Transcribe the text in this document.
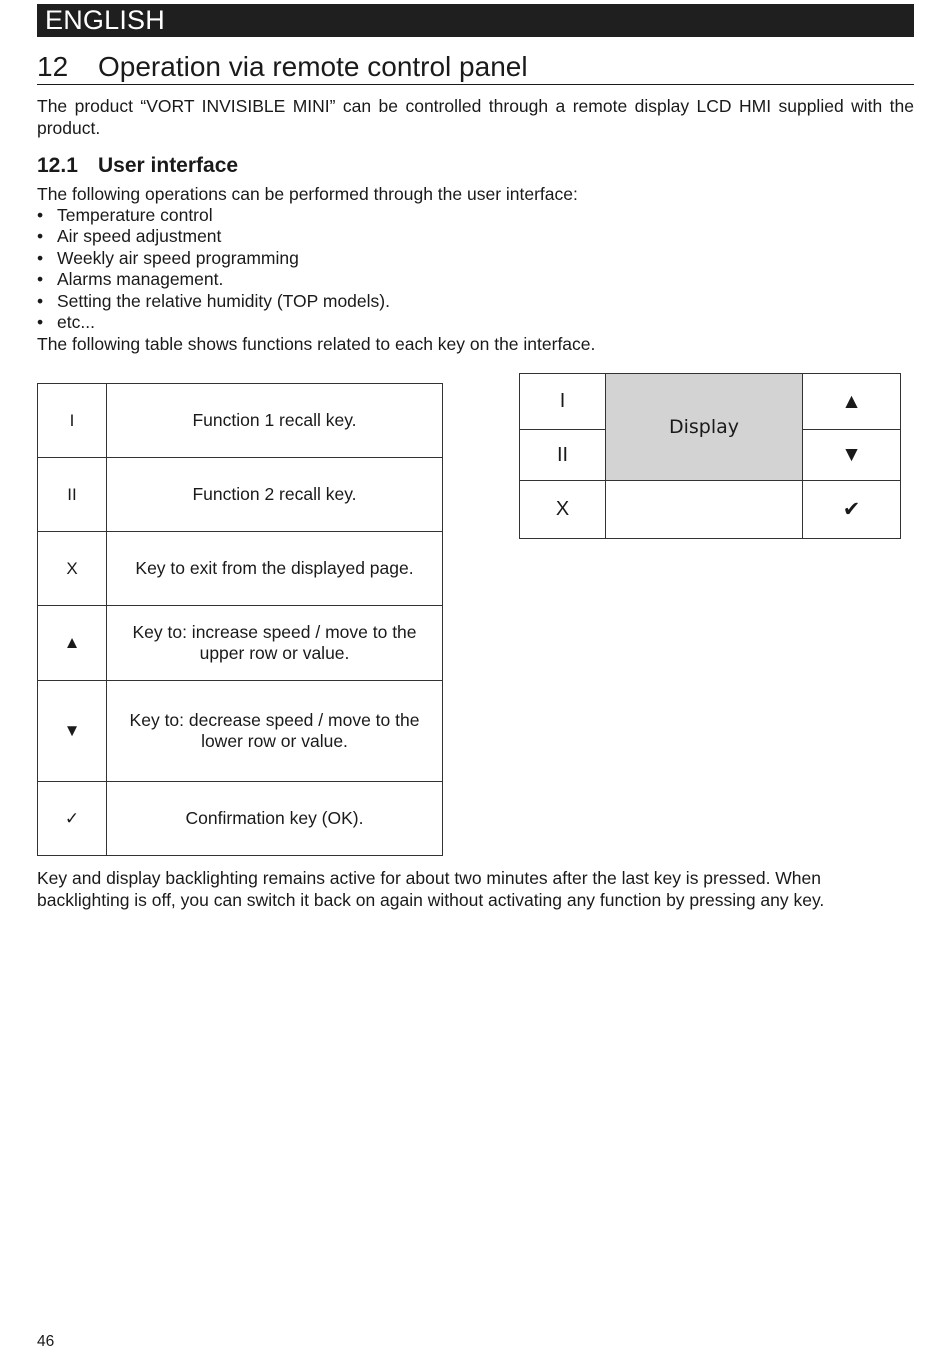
ENGLISH
12 Operation via remote control panel
The product “VORT INVISIBLE MINI” can be controlled through a remote display LCD HMI supplied with the product.
12.1 User interface
The following operations can be performed through the user interface:
• Temperature control
• Air speed adjustment
• Weekly air speed programming
• Alarms management.
• Setting the relative humidity (TOP models).
• etc...
The following table shows functions related to each key on the interface.
I	Function 1 recall key.
II	Function 2 recall key.
X	Key to exit from the displayed page.
▲	Key to: increase speed / move to the upper row or value.
▼	Key to: decrease speed / move to the lower row or value.
✓	Confirmation key (OK).
I	Display	▲
II		▼
X		✔
Key and display backlighting remains active for about two minutes after the last key is pressed. When backlighting is off, you can switch it back on again without activating any function by pressing any key.
46
